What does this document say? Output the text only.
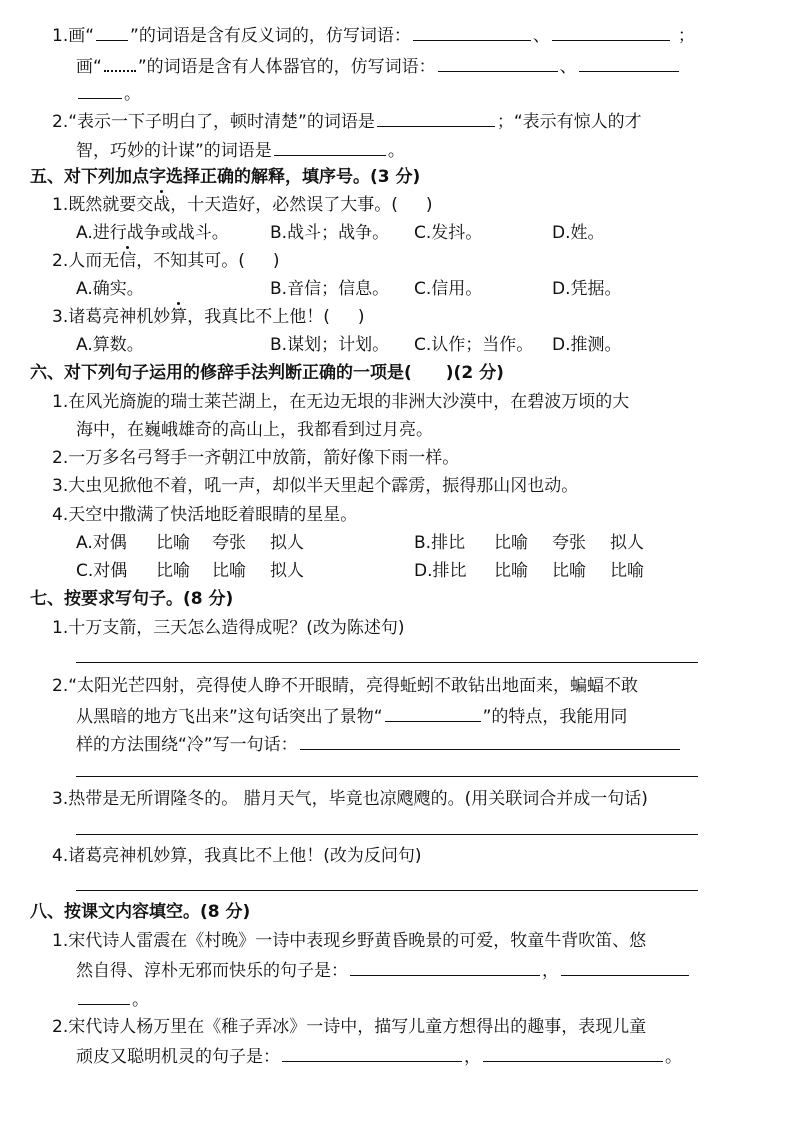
1.画“ ”的词语是含有反义词的，仿写词语：	、	；
画“ ”的词语是含有人体器官的，仿写词语：	、
。
2.“表示一下子明白了，顿时清楚”的词语是	；“表示有惊人的才
智，巧妙的计谋”的词语是	。
五、对下列加点字选择正确的解释，填序号。(3 分)
1.既然就要交战，十天造好，必然误了大事。( )
A.进行战争或战斗。 B.战斗；战争。 C.发抖。	D.姓。
2.人而无信，不知其可。( )
A.确实。	B.音信；信息。 C.信用。	D.凭据。
3.诸葛亮神机妙算，我真比不上他！( )
A.算数。	B.谋划；计划。 C.认作；当作。 D.推测。
六、对下列句子运用的修辞手法判断正确的一项是( )(2 分)
1.在风光旖旎的瑞士莱芒湖上，在无边无垠的非洲大沙漠中，在碧波万顷的大
海中，在巍峨雄奇的高山上，我都看到过月亮。
2.一万多名弓弩手一齐朝江中放箭，箭好像下雨一样。
3.大虫见掀他不着，吼一声，却似半天里起个霹雳，振得那山冈也动。
4.天空中撒满了快活地眨着眼睛的星星。
A.对偶 比喻 夸张 拟人	B.排比 比喻 夸张 拟人
C.对偶 比喻 比喻 拟人	D.排比 比喻 比喻 比喻
七、按要求写句子。(8 分)
1.十万支箭，三天怎么造得成呢？(改为陈述句)
2.“太阳光芒四射，亮得使人睁不开眼睛，亮得蚯蚓不敢钻出地面来，蝙蝠不敢
从黑暗的地方飞出来”这句话突出了景物“	”的特点，我能用同
样的方法围绕“冷”写一句话：
3.热带是无所谓隆冬的。 腊月天气，毕竟也凉飕飕的。(用关联词合并成一句话)
4.诸葛亮神机妙算，我真比不上他！(改为反问句)
八、按课文内容填空。(8 分)
1.宋代诗人雷震在《村晚》一诗中表现乡野黄昏晚景的可爱，牧童牛背吹笛、悠
然自得、淳朴无邪而快乐的句子是：	，
。
2.宋代诗人杨万里在《稚子弄冰》一诗中，描写儿童方想得出的趣事，表现儿童
顽皮又聪明机灵的句子是：	，	。
